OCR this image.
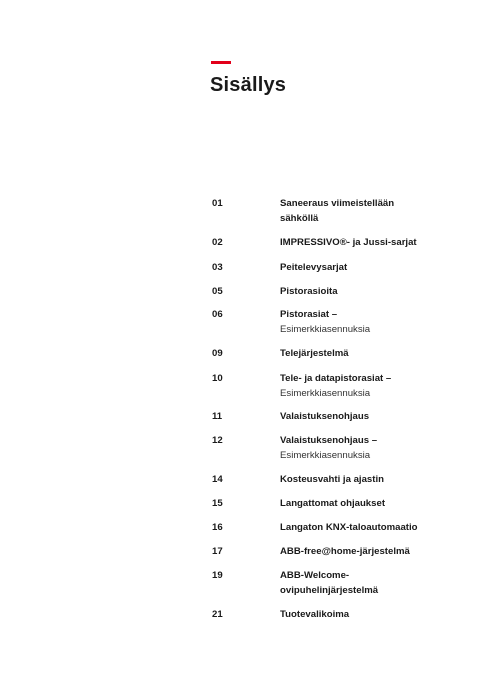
Sisällys
01	Saneeraus viimeistellään sähköllä
02	IMPRESSIVO®- ja Jussi-sarjat
03	Peitelevysarjat
05	Pistorasioita
06	Pistorasiat –
Esimerkkiasennuksia
09	Telejärjestelmä
10	Tele- ja datapistorasiat –
Esimerkkiasennuksia
11	Valaistuksenohjaus
12	Valaistuksenohjaus –
Esimerkkiasennuksia
14	Kosteusvahti ja ajastin
15	Langattomat ohjaukset
16	Langaton KNX-taloautomaatio
17	ABB-free@home-järjestelmä
19	ABB-Welcome-ovipuhelinjärjestelmä
21	Tuotevalikoima
